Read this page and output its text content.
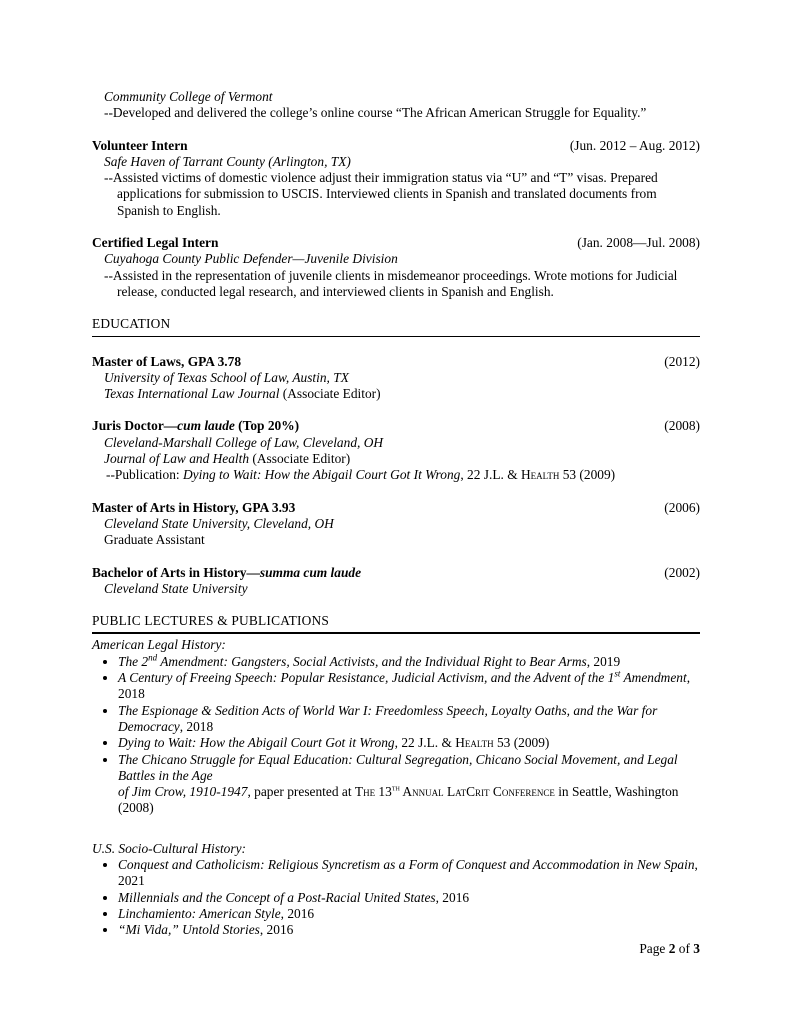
Community College of Vermont
--Developed and delivered the college’s online course “The African American Struggle for Equality.”
Volunteer Intern	(Jun. 2012 – Aug. 2012)
Safe Haven of Tarrant County (Arlington, TX)
--Assisted victims of domestic violence adjust their immigration status via “U” and “T” visas. Prepared applications for submission to USCIS. Interviewed clients in Spanish and translated documents from Spanish to English.
Certified Legal Intern	(Jan. 2008—Jul. 2008)
Cuyahoga County Public Defender—Juvenile Division
--Assisted in the representation of juvenile clients in misdemeanor proceedings. Wrote motions for Judicial release, conducted legal research, and interviewed clients in Spanish and English.
EDUCATION
Master of Laws, GPA 3.78	(2012)
University of Texas School of Law, Austin, TX
Texas International Law Journal (Associate Editor)
Juris Doctor—cum laude (Top 20%)	(2008)
Cleveland-Marshall College of Law, Cleveland, OH
Journal of Law and Health (Associate Editor)
--Publication: Dying to Wait: How the Abigail Court Got It Wrong, 22 J.L. & Health 53 (2009)
Master of Arts in History, GPA 3.93	(2006)
Cleveland State University, Cleveland, OH
Graduate Assistant
Bachelor of Arts in History—summa cum laude	(2002)
Cleveland State University
PUBLIC LECTURES & PUBLICATIONS
American Legal History:
• The 2nd Amendment: Gangsters, Social Activists, and the Individual Right to Bear Arms, 2019
• A Century of Freeing Speech: Popular Resistance, Judicial Activism, and the Advent of the 1st Amendment, 2018
• The Espionage & Sedition Acts of World War I: Freedomless Speech, Loyalty Oaths, and the War for Democracy, 2018
• Dying to Wait: How the Abigail Court Got it Wrong, 22 J.L. & Health 53 (2009)
• The Chicano Struggle for Equal Education: Cultural Segregation, Chicano Social Movement, and Legal Battles in the Age
of Jim Crow, 1910-1947, paper presented at The 13th Annual LatCrit Conference in Seattle, Washington (2008)
U.S. Socio-Cultural History:
• Conquest and Catholicism: Religious Syncretism as a Form of Conquest and Accommodation in New Spain, 2021
• Millennials and the Concept of a Post-Racial United States, 2016
• Linchamiento: American Style, 2016
• “Mi Vida,” Untold Stories, 2016
Page 2 of 3
